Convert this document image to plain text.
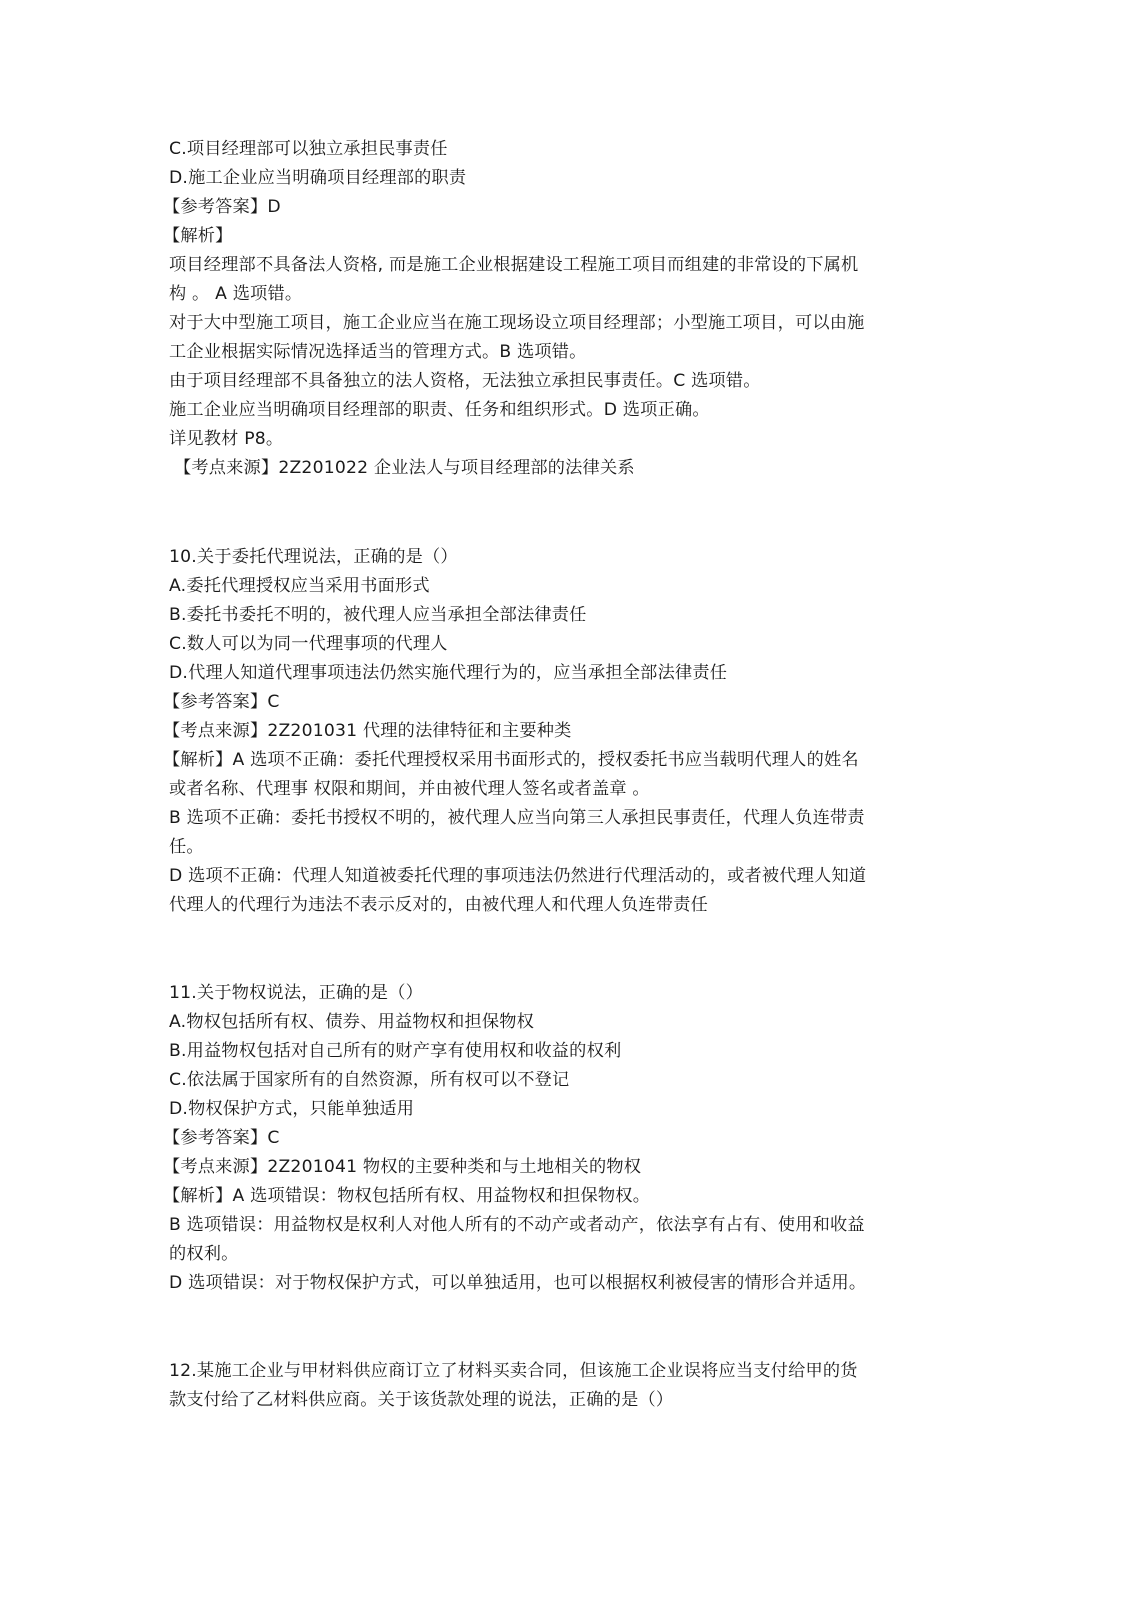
C.项目经理部可以独立承担民事责任
D.施工企业应当明确项目经理部的职责
【参考答案】D
【解析】
项目经理部不具备法人资格, 而是施工企业根据建设工程施工项目而组建的非常设的下属机
构 。 A 选项错。
对于大中型施工项目，施工企业应当在施工现场设立项目经理部；小型施工项目，可以由施
工企业根据实际情况选择适当的管理方式。B 选项错。
由于项目经理部不具备独立的法人资格，无法独立承担民事责任。C 选项错。
施工企业应当明确项目经理部的职责、任务和组织形式。D 选项正确。
详见教材 P8。
【考点来源】2Z201022 企业法人与项目经理部的法律关系
10.关于委托代理说法，正确的是（）
A.委托代理授权应当采用书面形式
B.委托书委托不明的，被代理人应当承担全部法律责任
C.数人可以为同一代理事项的代理人
D.代理人知道代理事项违法仍然实施代理行为的，应当承担全部法律责任
【参考答案】C
【考点来源】2Z201031 代理的法律特征和主要种类
【解析】A 选项不正确：委托代理授权采用书面形式的，授权委托书应当载明代理人的姓名
或者名称、代理事 权限和期间，并由被代理人签名或者盖章 。
B 选项不正确：委托书授权不明的，被代理人应当向第三人承担民事责任，代理人负连带责
任。
D 选项不正确：代理人知道被委托代理的事项违法仍然进行代理活动的，或者被代理人知道
代理人的代理行为违法不表示反对的，由被代理人和代理人负连带责任
11.关于物权说法，正确的是（）
A.物权包括所有权、债券、用益物权和担保物权
B.用益物权包括对自己所有的财产享有使用权和收益的权利
C.依法属于国家所有的自然资源，所有权可以不登记
D.物权保护方式，只能单独适用
【参考答案】C
【考点来源】2Z201041 物权的主要种类和与土地相关的物权
【解析】A 选项错误：物权包括所有权、用益物权和担保物权。
B 选项错误：用益物权是权利人对他人所有的不动产或者动产，依法享有占有、使用和收益
的权利。
D 选项错误：对于物权保护方式，可以单独适用，也可以根据权利被侵害的情形合并适用。
12.某施工企业与甲材料供应商订立了材料买卖合同，但该施工企业误将应当支付给甲的货
款支付给了乙材料供应商。关于该货款处理的说法，正确的是（）
